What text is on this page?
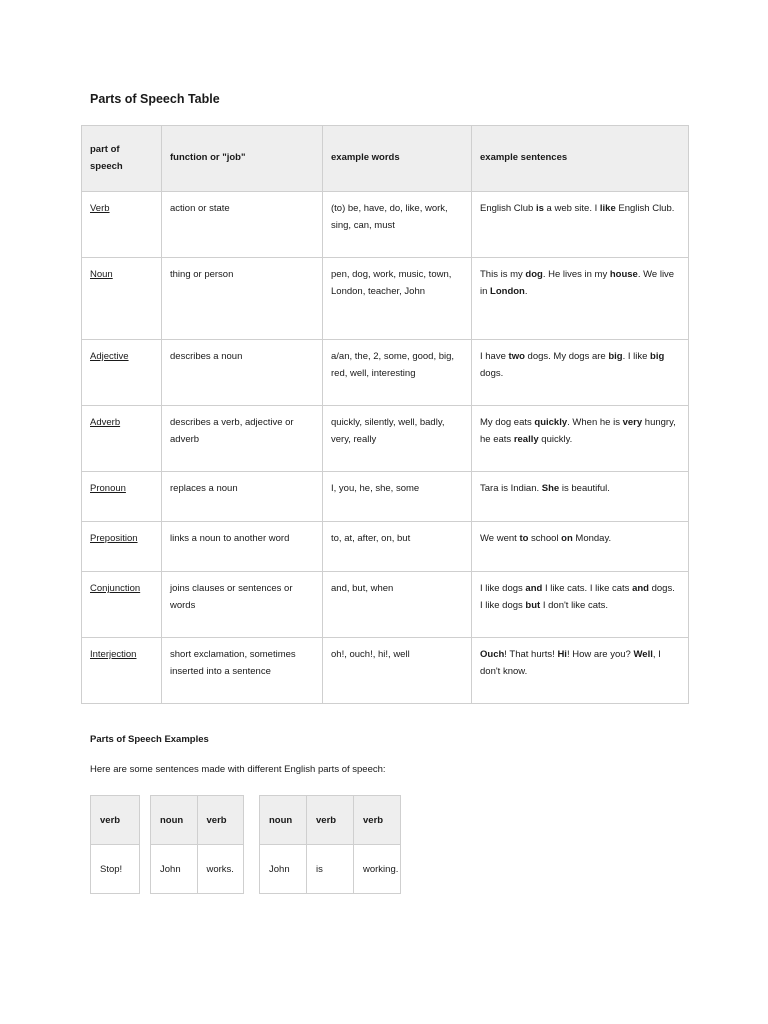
Parts of Speech Table
part of speech	function or "job"	example words	example sentences
Verb	action or state	(to) be, have, do, like, work, sing, can, must	English Club is a web site. I like English Club.
Noun	thing or person	pen, dog, work, music, town, London, teacher, John	This is my dog. He lives in my house. We live in London.
Adjective	describes a noun	a/an, the, 2, some, good, big, red, well, interesting	I have two dogs. My dogs are big. I like big dogs.
Adverb	describes a verb, adjective or adverb	quickly, silently, well, badly, very, really	My dog eats quickly. When he is very hungry, he eats really quickly.
Pronoun	replaces a noun	I, you, he, she, some	Tara is Indian. She is beautiful.
Preposition	links a noun to another word	to, at, after, on, but	We went to school on Monday.
Conjunction	joins clauses or sentences or words	and, but, when	I like dogs and I like cats. I like cats and dogs. I like dogs but I don't like cats.
Interjection	short exclamation, sometimes inserted into a sentence	oh!, ouch!, hi!, well	Ouch! That hurts! Hi! How are you? Well, I don't know.
Parts of Speech Examples
Here are some sentences made with different English parts of speech:
verb
Stop!
noun	verb
John	works.
noun	verb	verb
John	is	working.
